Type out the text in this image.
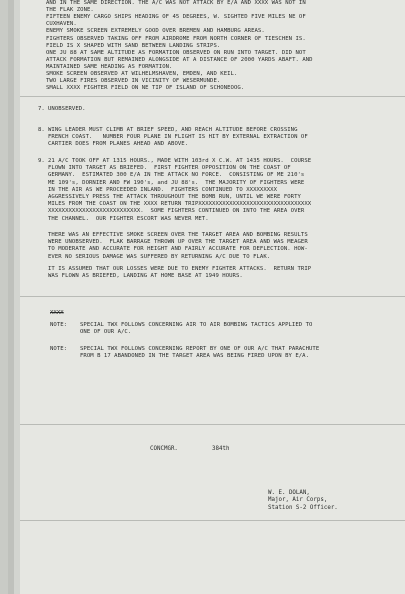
AND IN THE SAME DIRECTION. THE A/C WAS NOT ATTACK BY E/A AND XXXX WAS NOT IN
THE FLAK ZONE.
FIFTEEN ENEMY CARGO SHIPS HEADING OF 45 DEGREES, W. SIGHTED FIVE MILES NE OF
CUXHAVEN.
ENEMY SMOKE SCREEN EXTREMELY GOOD OVER BREMEN AND HAMBURG AREAS.
FIGHTERS OBSERVED TAKING OFF FROM AIRDROME FROM NORTH CORNER OF TIESCHEN IS.
FIELD IS X SHAPED WITH SAND BETWEEN LANDING STRIPS.
ONE JU 88 AT SAME ALTITUDE AS FORMATION OBSERVED ON RUN INTO TARGET. DID NOT
ATTACK FORMATION BUT REMAINED ALONGSIDE AT A DISTANCE OF 2000 YARDS ABAFT. AND
MAINTAINED SAME HEADING AS FORMATION.
SMOKE SCREEN OBSERVED AT WILHELMSHAVEN, EMDEN, AND KEIL.
TWO LARGE FIRES OBSERVED IN VICINITY OF WESERMUNDE.
SMALL XXXX FIGHTER FIELD ON NE TIP OF ISLAND OF SCHONEOOG.
7. UNOBSERVED.
8. WING LEADER MUST CLIMB AT BRIEF SPEED, AND REACH ALTITUDE BEFORE CROSSING
FRENCH COAST.   NUMBER FOUR PLANE IN FLIGHT IS HIT BY EXTERNAL EXTRACTION OF
CARTIER DOES FROM PLANES AHEAD AND ABOVE.
9. 21 A/C TOOK OFF AT 1315 HOURS., MADE WITH 103rd X C.W. AT 1435 HOURS.  COURSE
FLOWN INTO TARGET AS BRIEFED.  FIRST FIGHTER OPPOSITION ON THE COAST OF
GERMANY.  ESTIMATED 300 E/A IN THE ATTACK NO FORCE.  CONSISTING OF ME 210's
ME 109's, DORNIER AND FW 190's, and JU 88's.  THE MAJORITY OF FIGHTERS WERE
IN THE AIR AS WE PROCEEDED INLAND.  FIGHTERS CONTINUED TO XXXXXXXXX
AGGRESSIVELY PRESS THE ATTACK THROUGHOUT THE BOMB RUN, UNTIL WE WERE FORTY
MILES FROM THE COAST ON THE XXXX RETURN TRIPXXXXXXXXXXXXXXXXXXXXXXXXXXXXXXXXX
XXXXXXXXXXXXXXXXXXXXXXXXXXX.  SOME FIGHTERS CONTINUED ON INTO THE AREA OVER
THE CHANNEL.  OUR FIGHTER ESCORT WAS NEVER MET.
THERE WAS AN EFFECTIVE SMOKE SCREEN OVER THE TARGET AREA AND BOMBING RESULTS
WERE UNOBSERVED.  FLAK BARRAGE THROWN UP OVER THE TARGET AREA AND WAS MEAGER
TO MODERATE AND ACCURATE FOR HEIGHT AND FAIRLY ACCURATE FOR DEFLECTION. HOW-
EVER NO SERIOUS DAMAGE WAS SUFFERED BY RETURNING A/C DUE TO FLAK.
IT IS ASSUMED THAT OUR LOSSES WERE DUE TO ENEMY FIGHTER ATTACKS.  RETURN TRIP
WAS FLOWN AS BRIEFED, LANDING AT HOME BASE AT 1949 HOURS.
XXXX
NOTE: SPECIAL TWX FOLLOWS CONCERNING AIR TO AIR BOMBING TACTICS APPLIED TO
ONE OF OUR A/C.
NOTE: SPECIAL TWX FOLLOWS CONCERNING REPORT BY ONE OF OUR A/C THAT PARACHUTE
FROM B 17 ABANDONED IN THE TARGET AREA WAS BEING FIRED UPON BY E/A.
CONCMGR.	384th
W. E. DOLAN,
Major, Air Corps,
Station S-2 Officer.
